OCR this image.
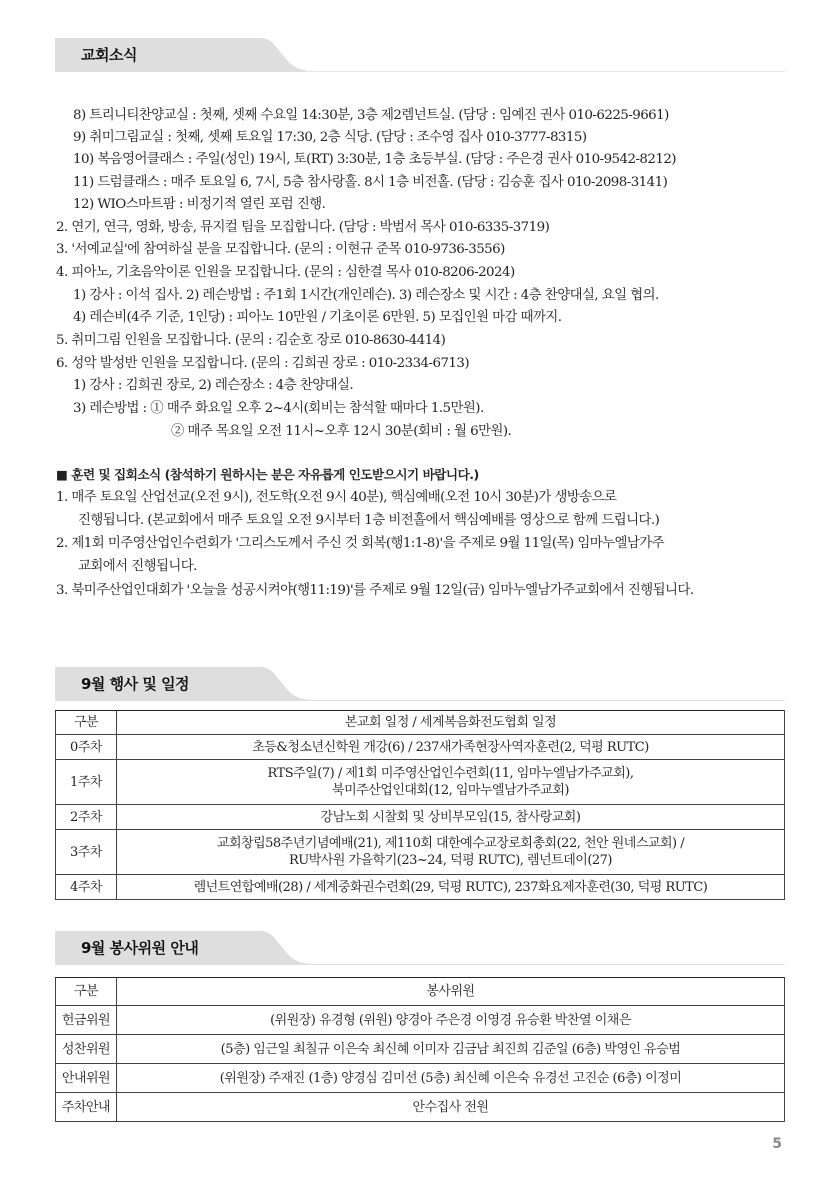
교회소식
8) 트리니티찬양교실 : 첫째, 셋째 수요일 14:30분, 3층 제2렘넌트실. (담당 : 임예진 권사 010-6225-9661)
9) 취미그림교실 : 첫째, 셋째 토요일 17:30, 2층 식당. (담당 : 조수영 집사 010-3777-8315)
10) 복음영어클래스 : 주일(성인) 19시, 토(RT) 3:30분, 1층 초등부실. (담당 : 주은경 권사 010-9542-8212)
11) 드럼클래스 : 매주 토요일 6, 7시, 5층 참사랑홀. 8시 1층 비전홀. (담당 : 김승훈 집사 010-2098-3141)
12) WIO스마트팜 : 비정기적 열린 포럼 진행.
2. 연기, 연극, 영화, 방송, 뮤지컬 팀을 모집합니다. (담당 : 박범서 목사 010-6335-3719)
3. '서예교실'에 참여하실 분을 모집합니다. (문의 : 이현규 준목 010-9736-3556)
4. 피아노, 기초음악이론 인원을 모집합니다. (문의 : 심한결 목사 010-8206-2024)
1) 강사 : 이석 집사. 2) 레슨방법 : 주1회 1시간(개인레슨). 3) 레슨장소 및 시간 : 4층 찬양대실, 요일 협의.
4) 레슨비(4주 기준, 1인당) : 피아노 10만원 / 기초이론 6만원. 5) 모집인원 마감 때까지.
5. 취미그림 인원을 모집합니다. (문의 : 김순호 장로 010-8630-4414)
6. 성악 발성반 인원을 모집합니다. (문의 : 김희권 장로 : 010-2334-6713)
1) 강사 : 김희권 장로, 2) 레슨장소 : 4층 찬양대실.
3) 레슨방법 : ① 매주 화요일 오후 2~4시(회비는 참석할 때마다 1.5만원).
② 매주 목요일 오전 11시~오후 12시 30분(회비 : 월 6만원).
■ 훈련 및 집회소식 (참석하기 원하시는 분은 자유롭게 인도받으시기 바랍니다.)
1. 매주 토요일 산업선교(오전 9시), 전도학(오전 9시 40분), 핵심예배(오전 10시 30분)가 생방송으로
진행됩니다. (본교회에서 매주 토요일 오전 9시부터 1층 비전홀에서 핵심예배를 영상으로 함께 드립니다.)
2. 제1회 미주영산업인수련회가 '그리스도께서 주신 것 회복(행1:1-8)'을 주제로 9월 11일(목) 임마누엘남가주
교회에서 진행됩니다.
3. 북미주산업인대회가 '오늘을 성공시켜야(행11:19)'를 주제로 9월 12일(금) 임마누엘남가주교회에서 진행됩니다.
9월 행사 및 일정
구분	본교회 일정 / 세계복음화전도협회 일정
0주차	초등&청소년신학원 개강(6) / 237새가족현장사역자훈련(2, 덕평 RUTC)
1주차	RTS주일(7) / 제1회 미주영산업인수련회(11, 임마누엘남가주교회),
북미주산업인대회(12, 임마누엘남가주교회)

2주차	강남노회 시찰회 및 상비부모임(15, 참사랑교회)
3주차	교회창립58주년기념예배(21), 제110회 대한예수교장로회총회(22, 천안 원네스교회) /
RU박사원 가을학기(23~24, 덕평 RUTC), 렘넌트데이(27)

4주차	렘넌트연합예배(28) / 세계중화권수련회(29, 덕평 RUTC), 237화요제자훈련(30, 덕평 RUTC)
9월 봉사위원 안내
구분	봉사위원
헌금위원	(위원장) 유경형 (위원) 양경아 주은경 이영경 유승환 박찬열 이채은
성찬위원	(5층) 임근일 최칠규 이은숙 최신혜 이미자 김금남 최진희 김준일 (6층) 박영인 유승범
안내위원	(위원장) 주재진 (1층) 양경심 김미선 (5층) 최신혜 이은숙 유경선 고진순 (6층) 이정미
주차안내	안수집사 전원
5
